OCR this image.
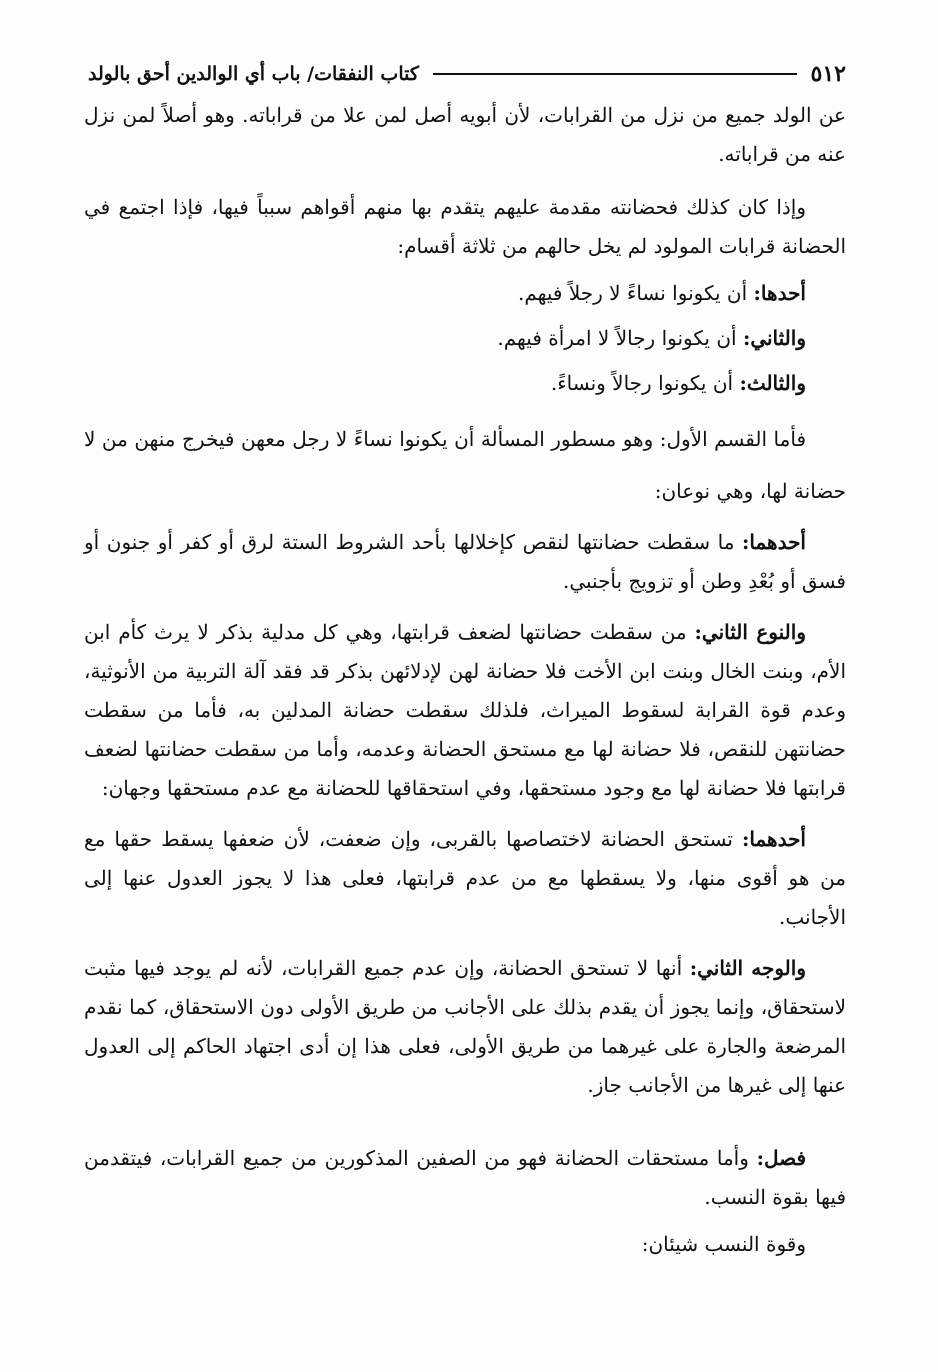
٥١٢
كتاب النفقات/ باب أي الوالدين أحق بالولد

عن الولد جميع من نزل من القرابات، لأن أبويه أصل لمن علا من قراباته. وهو أصلاً لمن نزل عنه من قراباته.

وإذا كان كذلك فحضانته مقدمة عليهم يتقدم بها منهم أقواهم سبباً فيها، فإذا اجتمع في الحضانة قرابات المولود لم يخل حالهم من ثلاثة أقسام:

أحدها: أن يكونوا نساءً لا رجلاً فيهم.

والثاني: أن يكونوا رجالاً لا امرأة فيهم.

والثالث: أن يكونوا رجالاً ونساءً.

فأما القسم الأول: وهو مسطور المسألة أن يكونوا نساءً لا رجل معهن فيخرج منهن من لا حضانة لها، وهي نوعان:

أحدهما: ما سقطت حضانتها لنقص كإخلالها بأحد الشروط الستة لرق أو كفر أو جنون أو فسق أو بُعْدِ وطن أو تزويج بأجنبي.

والنوع الثاني: من سقطت حضانتها لضعف قرابتها، وهي كل مدلية بذكر لا يرث كأم ابن الأم، وبنت الخال وبنت ابن الأخت فلا حضانة لهن لإدلائهن بذكر قد فقد آلة التربية من الأنوثية، وعدم قوة القرابة لسقوط الميراث، فلذلك سقطت حضانة المدلين به، فأما من سقطت حضانتهن للنقص، فلا حضانة لها مع مستحق الحضانة وعدمه، وأما من سقطت حضانتها لضعف قرابتها فلا حضانة لها مع وجود مستحقها، وفي استحقاقها للحضانة مع عدم مستحقها وجهان:

أحدهما: تستحق الحضانة لاختصاصها بالقربى، وإن ضعفت، لأن ضعفها يسقط حقها مع من هو أقوى منها، ولا يسقطها مع من عدم قرابتها، فعلى هذا لا يجوز العدول عنها إلى الأجانب.

والوجه الثاني: أنها لا تستحق الحضانة، وإن عدم جميع القرابات، لأنه لم يوجد فيها مثبت لاستحقاق، وإنما يجوز أن يقدم بذلك على الأجانب من طريق الأولى دون الاستحقاق، كما نقدم المرضعة والجارة على غيرهما من طريق الأولى، فعلى هذا إن أدى اجتهاد الحاكم إلى العدول عنها إلى غيرها من الأجانب جاز.

فصل: وأما مستحقات الحضانة فهو من الصفين المذكورين من جميع القرابات، فيتقدمن فيها بقوة النسب.

وقوة النسب شيئان:
